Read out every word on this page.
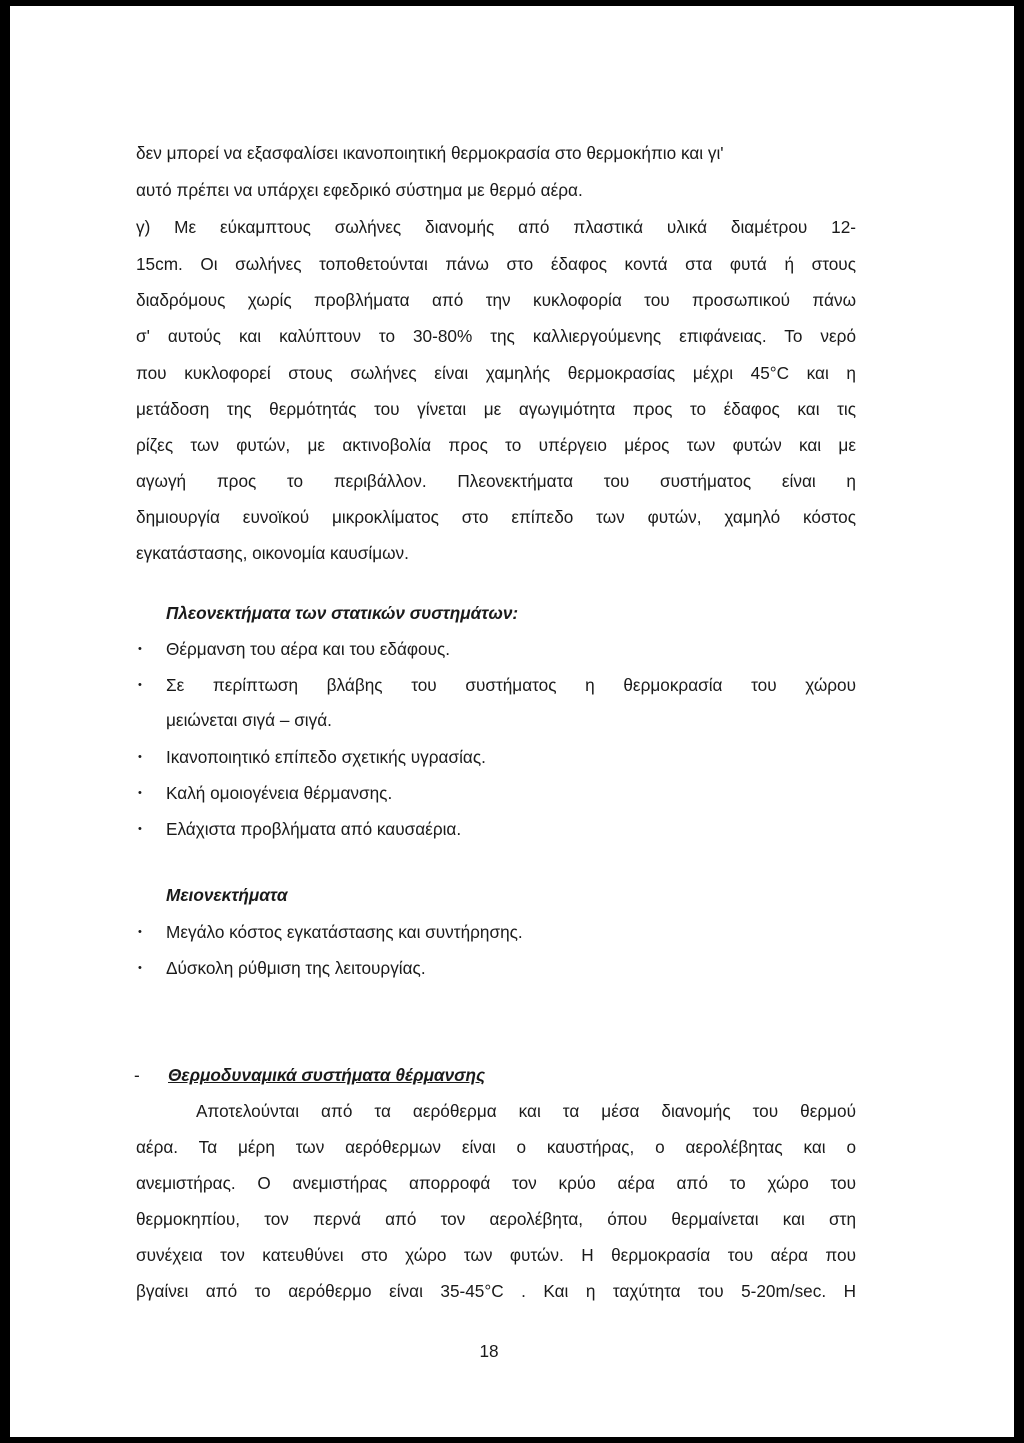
δεν μπορεί να εξασφαλίσει ικανοποιητική θερμοκρασία στο θερμοκήπιο και γι'
αυτό πρέπει να υπάρχει εφεδρικό σύστημα με θερμό αέρα.
γ) Με εύκαμπτους σωλήνες διανομής από πλαστικά υλικά διαμέτρου 12-
15cm. Οι σωλήνες τοποθετούνται πάνω στο έδαφος κοντά στα φυτά ή στους
διαδρόμους χωρίς προβλήματα από την κυκλοφορία του προσωπικού πάνω
σ' αυτούς και καλύπτουν το 30-80% της καλλιεργούμενης επιφάνειας. Το νερό
που κυκλοφορεί στους σωλήνες είναι χαμηλής θερμοκρασίας μέχρι 45°C και η
μετάδοση της θερμότητάς του γίνεται με αγωγιμότητα προς το έδαφος και τις
ρίζες των φυτών, με ακτινοβολία προς το υπέργειο μέρος των φυτών και με
αγωγή προς το περιβάλλον. Πλεονεκτήματα του συστήματος είναι η
δημιουργία ευνοϊκού μικροκλίματος στο επίπεδο των φυτών, χαμηλό κόστος
εγκατάστασης, οικονομία καυσίμων.
Πλεονεκτήματα των στατικών συστημάτων:
•	Θέρμανση του αέρα και του εδάφους.
•	Σε περίπτωση βλάβης του συστήματος η θερμοκρασία του χώρου
μειώνεται σιγά – σιγά.
•	Ικανοποιητικό επίπεδο σχετικής υγρασίας.
•	Καλή ομοιογένεια θέρμανσης.
•	Ελάχιστα προβλήματα από καυσαέρια.
Μειονεκτήματα
•	Μεγάλο κόστος εγκατάστασης και συντήρησης.
•	Δύσκολη ρύθμιση της λειτουργίας.
- Θερμοδυναμικά συστήματα θέρμανσης
Αποτελούνται από τα αερόθερμα και τα μέσα διανομής του θερμού
αέρα. Τα μέρη των αερόθερμων είναι ο καυστήρας, ο αερολέβητας και ο
ανεμιστήρας. Ο ανεμιστήρας απορροφά τον κρύο αέρα από το χώρο του
θερμοκηπίου, τον περνά από τον αερολέβητα, όπου θερμαίνεται και στη
συνέχεια τον κατευθύνει στο χώρο των φυτών. Η θερμοκρασία του αέρα που
βγαίνει από το αερόθερμο είναι 35-45°C . Και η ταχύτητα του 5-20m/sec. Η
18
